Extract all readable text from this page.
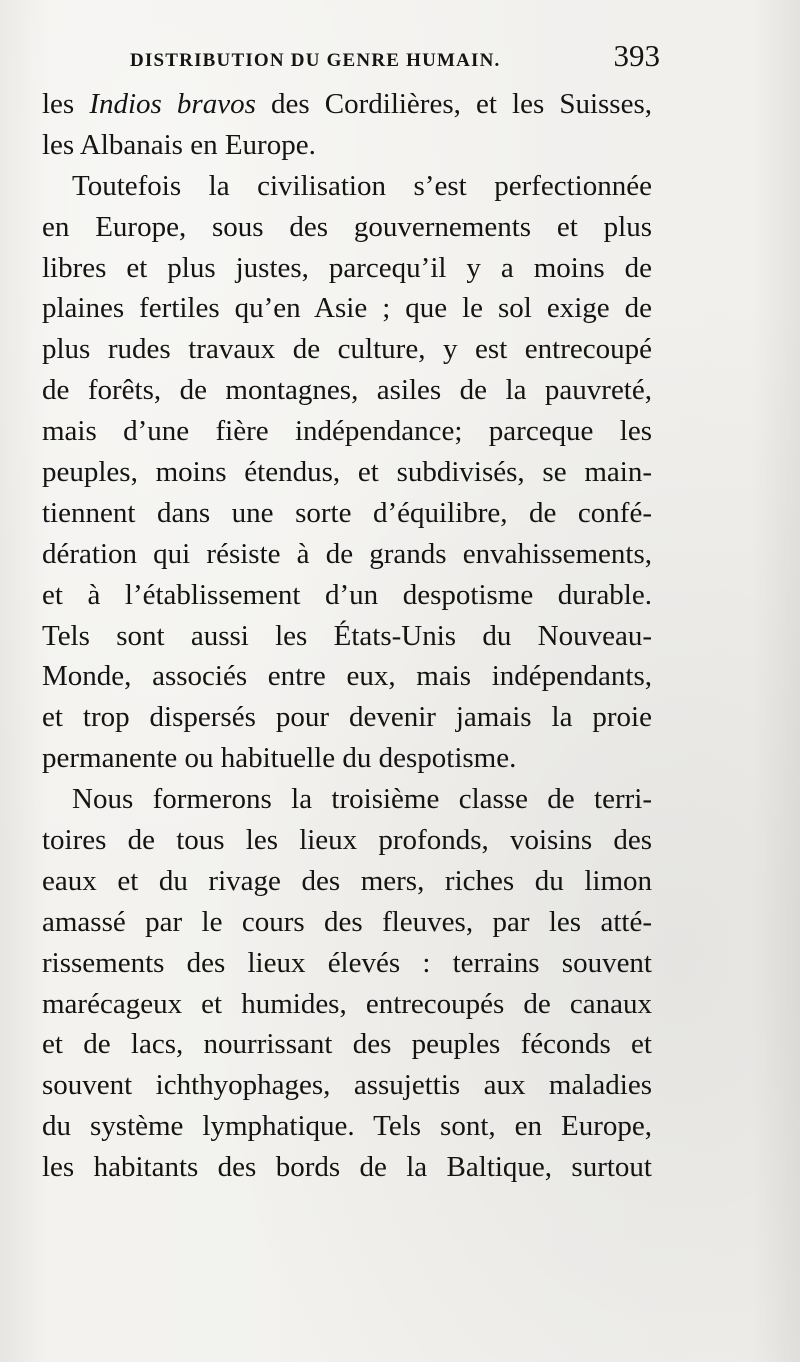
DISTRIBUTION DU GENRE HUMAIN.	393
les Indios bravos des Cordilières, et les Suisses,
les Albanais en Europe.
Toutefois la civilisation s’est perfectionnée
en Europe, sous des gouvernements et plus
libres et plus justes, parcequ’il y a moins de
plaines fertiles qu’en Asie ; que le sol exige de
plus rudes travaux de culture, y est entrecoupé
de forêts, de montagnes, asiles de la pauvreté,
mais d’une fière indépendance; parceque les
peuples, moins étendus, et subdivisés, se main-
tiennent dans une sorte d’équilibre, de confé-
dération qui résiste à de grands envahissements,
et à l’établissement d’un despotisme durable.
Tels sont aussi les États-Unis du Nouveau-
Monde, associés entre eux, mais indépendants,
et trop dispersés pour devenir jamais la proie
permanente ou habituelle du despotisme.
Nous formerons la troisième classe de terri-
toires de tous les lieux profonds, voisins des
eaux et du rivage des mers, riches du limon
amassé par le cours des fleuves, par les atté-
rissements des lieux élevés : terrains souvent
marécageux et humides, entrecoupés de canaux
et de lacs, nourrissant des peuples féconds et
souvent ichthyophages, assujettis aux maladies
du système lymphatique. Tels sont, en Europe,
les habitants des bords de la Baltique, surtout
